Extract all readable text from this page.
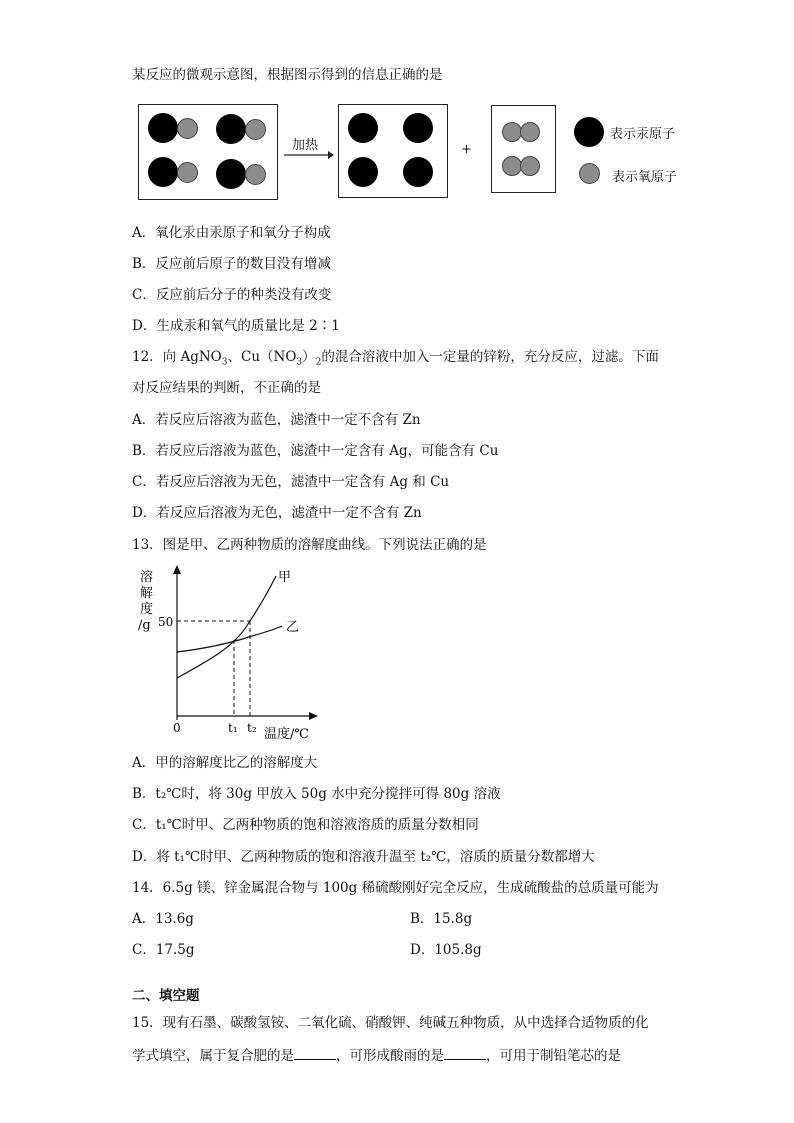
某反应的微观示意图，根据图示得到的信息正确的是
加热	+
表示汞原子
表示氧原子
A．氧化汞由汞原子和氧分子构成
B．反应前后原子的数目没有增减
C．反应前后分子的种类没有改变
D．生成汞和氧气的质量比是 2∶1
12．向 AgNO$_3$、$Cu(NO_3)_2$的混合溶液中加入一定量的锌粉，充分反应，过滤。下面
对反应结果的判断，不正确的是
A．若反应后溶液为蓝色，滤渣中一定不含有 Zn
B．若反应后溶液为蓝色，滤渣中一定含有 Ag，可能含有 Cu
C．若反应后溶液为无色，滤渣中一定含有 Ag 和 Cu
D．若反应后溶液为无色，滤渣中一定不含有 Zn
13．图是甲、乙两种物质的溶解度曲线。下列说法正确的是
溶
解
度
/g 50
甲
乙
0	t₁ t₂ 温度/℃
A．甲的溶解度比乙的溶解度大
B．t₂℃时，将 30g 甲放入 50g 水中充分搅拌可得 80g 溶液
C．t₁℃时甲、乙两种物质的饱和溶液溶质的质量分数相同
D．将 t₁℃时甲、乙两种物质的饱和溶液升温至 t₂℃，溶质的质量分数都增大
14．6.5g 镁、锌金属混合物与 100g 稀硫酸刚好完全反应，生成硫酸盐的总质量可能为
A．13.6g	B．15.8g
C．17.5g	D．105.8g
二、填空题
15．现有石墨、碳酸氢铵、二氧化硫、硝酸钾、纯碱五种物质，从中选择合适物质的化
学式填空，属于复合肥的是	，可形成酸雨的是	，可用于制铅笔芯的是
